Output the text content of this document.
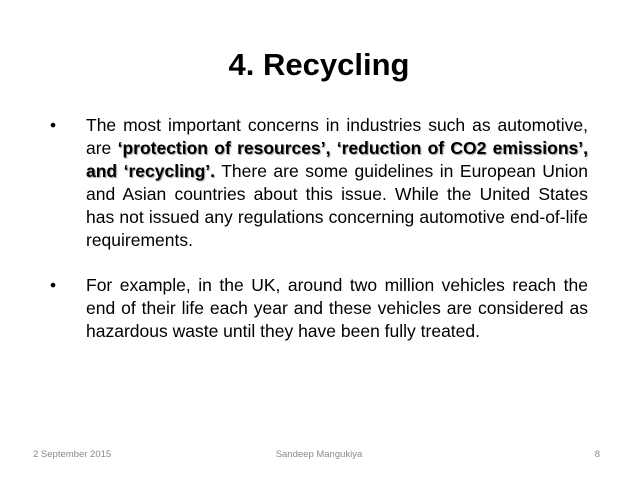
4. Recycling
•	The most important concerns in industries such as automotive, are ‘protection of resources’, ‘reduction of CO2 emissions’, and ‘recycling’. There are some guidelines in European Union and Asian countries about this issue. While the United States has not issued any regulations concerning automotive end-of-life requirements.
•	For example, in the UK, around two million vehicles reach the end of their life each year and these vehicles are considered as hazardous waste until they have been fully treated.
2 September 2015	Sandeep Mangukiya	8
